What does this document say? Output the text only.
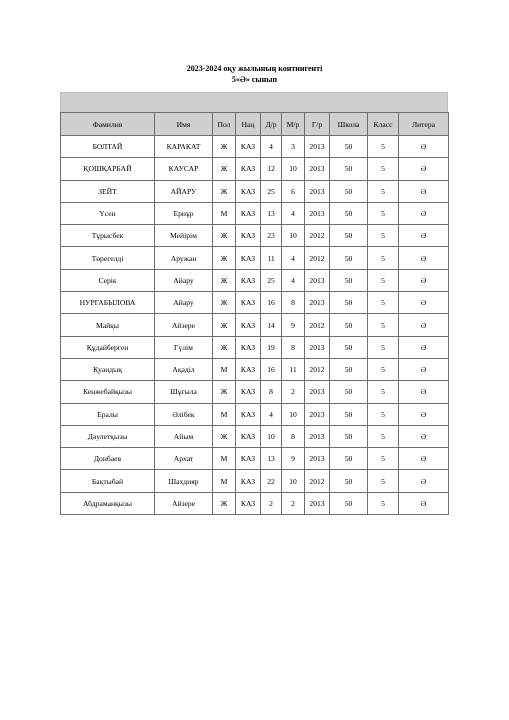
2023-2024 оқу жылының контингенті
5«Ә» сынып
Фамилия	Имя	Пол	Нац	Д/р	М/р	Г/р	Школа	Класс	Литера
БОЛТАЙ	КАРАКАТ	Ж	КАЗ	4	3	2013	50	5	Ә
ҚОШҚАРБАЙ	КАУСАР	Ж	КАЗ	12	10	2013	50	5	Ә
ЗЕЙТ	АЙАРУ	Ж	КАЗ	25	6	2013	50	5	Ә
Үсен	Ернұр	М	КАЗ	13	4	2013	50	5	Ә
Тұрысбек	Мейірім	Ж	КАЗ	23	10	2012	50	5	Ә
Төрегелді	Аружан	Ж	КАЗ	11	4	2012	50	5	Ә
Серік	Айару	Ж	КАЗ	25	4	2013	50	5	Ә
НУРГАБЫЛОВА	Айару	Ж	КАЗ	16	8	2013	50	5	Ә
Майқы	Айзере	Ж	КАЗ	14	9	2012	50	5	Ә
Құдайберген	Гүлім	Ж	КАЗ	19	8	2013	50	5	Ә
Қуандық	Ақәділ	М	КАЗ	16	11	2012	50	5	Ә
Кенжебайқызы	Шұғыла	Ж	КАЗ	8	2	2013	50	5	Ә
Ералы	Әлібек	М	КАЗ	4	10	2013	50	5	Ә
Дәулетқызы	Айым	Ж	КАЗ	10	8	2013	50	5	Ә
Донбаев	Архат	М	КАЗ	13	9	2013	50	5	Ә
Бақтыбай	Шахдияр	М	КАЗ	22	10	2012	50	5	Ә
Абдраманқызы	Айзере	Ж	КАЗ	2	2	2013	50	5	Ә
